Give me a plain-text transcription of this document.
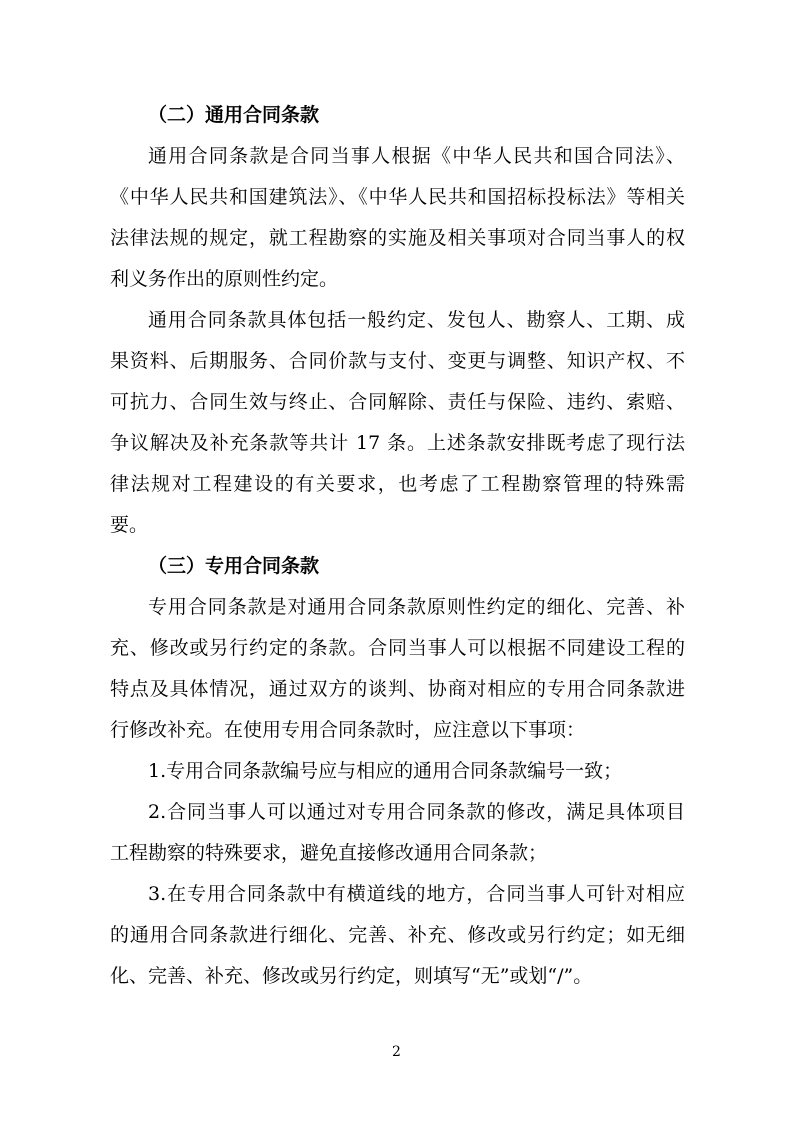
（二）通用合同条款
通用合同条款是合同当事人根据《中华人民共和国合同法》、
《中华人民共和国建筑法》、《中华人民共和国招标投标法》等相关
法律法规的规定，就工程勘察的实施及相关事项对合同当事人的权
利义务作出的原则性约定。
通用合同条款具体包括一般约定、发包人、勘察人、工期、成
果资料、后期服务、合同价款与支付、变更与调整、知识产权、不
可抗力、合同生效与终止、合同解除、责任与保险、违约、索赔、
争议解决及补充条款等共计 17 条。上述条款安排既考虑了现行法
律法规对工程建设的有关要求，也考虑了工程勘察管理的特殊需
要。
（三）专用合同条款
专用合同条款是对通用合同条款原则性约定的细化、完善、补
充、修改或另行约定的条款。合同当事人可以根据不同建设工程的
特点及具体情况，通过双方的谈判、协商对相应的专用合同条款进
行修改补充。在使用专用合同条款时，应注意以下事项：
1.专用合同条款编号应与相应的通用合同条款编号一致；
2.合同当事人可以通过对专用合同条款的修改，满足具体项目
工程勘察的特殊要求，避免直接修改通用合同条款；
3.在专用合同条款中有横道线的地方，合同当事人可针对相应
的通用合同条款进行细化、完善、补充、修改或另行约定；如无细
化、完善、补充、修改或另行约定，则填写“无”或划“/”。
2
